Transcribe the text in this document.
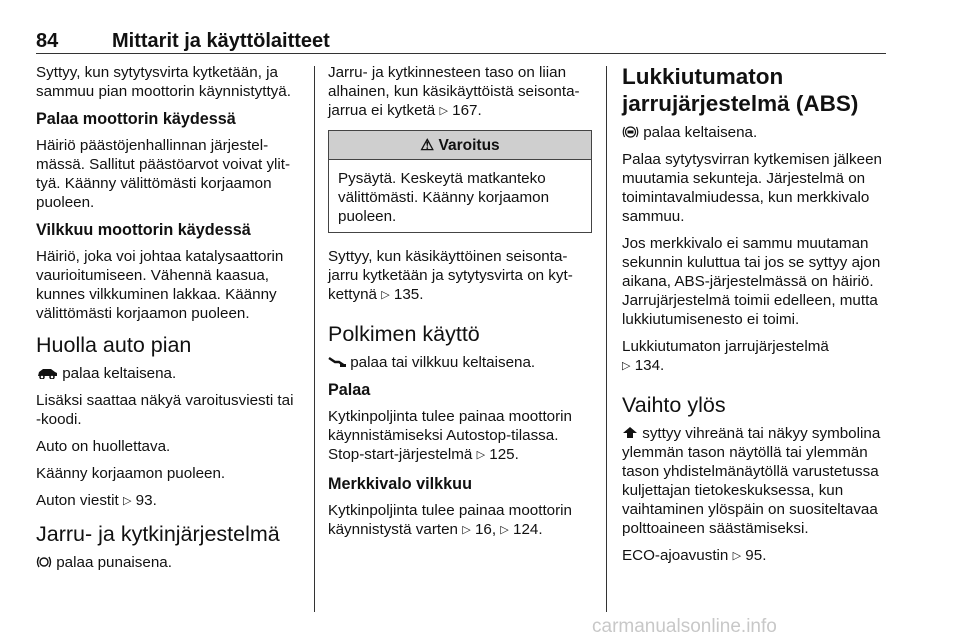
84	Mittarit ja käyttölaitteet

Syttyy, kun sytytysvirta kytketään, ja sammuu pian moottorin käynnistyttyä.

Palaa moottorin käydessä

Häiriö päästöjenhallinnan järjestelmässä. Sallitut päästöarvot voivat ylittyä. Käänny välittömästi korjaamon puoleen.

Vilkkuu moottorin käydessä

Häiriö, joka voi johtaa katalysaattorin vaurioitumiseen. Vähennä kaasua, kunnes vilkkuminen lakkaa. Käänny välittömästi korjaamon puoleen.

Huolla auto pian

palaa keltaisena.

Lisäksi saattaa näkyä varoitusviesti tai -koodi.

Auto on huollettava.

Käänny korjaamon puoleen.

Auton viestit ▷ 93.

Jarru- ja kytkinjärjestelmä

palaa punaisena.

Jarru- ja kytkinnesteen taso on liian alhainen, kun käsikäyttöistä seisontajarrua ei kytketä ▷ 167.

⚠ Varoitus
Pysäytä. Keskeytä matkanteko välittömästi. Käänny korjaamon puoleen.

Syttyy, kun käsikäyttöinen seisontajarru kytketään ja sytytysvirta on kytkettynä ▷ 135.

Polkimen käyttö

palaa tai vilkkuu keltaisena.

Palaa

Kytkinpoljinta tulee painaa moottorin käynnistämiseksi Autostop-tilassa. Stop-start-järjestelmä ▷ 125.

Merkkivalo vilkkuu

Kytkinpoljinta tulee painaa moottorin käynnistystä varten ▷ 16, ▷ 124.

Lukkiutumaton
jarrujärjestelmä (ABS)

palaa keltaisena.

Palaa sytytysvirran kytkemisen jälkeen muutamia sekunteja. Järjestelmä on toimintavalmiudessa, kun merkkivalo sammuu.

Jos merkkivalo ei sammu muutaman sekunnin kuluttua tai jos se syttyy ajon aikana, ABS-järjestelmässä on häiriö. Jarrujärjestelmä toimii edelleen, mutta lukkiutumisenesto ei toimi.

Lukkiutumaton jarrujärjestelmä
▷ 134.

Vaihto ylös

syttyy vihreänä tai näkyy symbolina ylemmän tason näytöllä tai ylemmän tason yhdistelmänäytöllä varustetussa kuljettajan tietokeskuksessa, kun vaihtaminen ylöspäin on suositeltavaa polttoaineen säästämiseksi.

ECO-ajoavustin ▷ 95.

carmanualsonline.info
